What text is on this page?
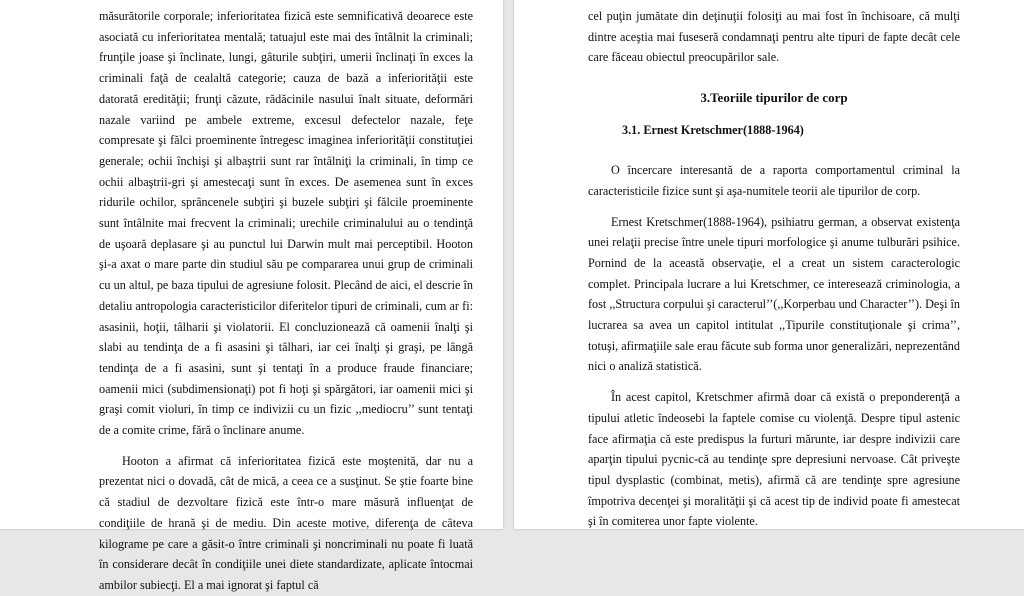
măsurătorile corporale; inferioritatea fizică este semnificativă deoarece este asociată cu inferioritatea mentală; tatuajul este mai des întâlnit la criminali; frunţile joase şi înclinate, lungi, gâturile subţiri, umerii înclinaţi în exces la criminali faţă de cealaltă categorie; cauza de bază a inferiorităţii este datorată eredităţii; frunţi căzute, rădăcinile nasului înalt situate, deformări nazale variind pe ambele extreme, excesul defectelor nazale, feţe compresate şi fălci proeminente întregesc imaginea inferiorităţii constituţiei generale; ochii închişi şi albaştrii sunt rar întâlniţi la criminali, în timp ce ochii albaştrii-gri şi amestecaţi sunt în exces. De asemenea sunt în exces ridurile ochilor, sprâncenele subţiri şi buzele subţiri şi fălcile proeminente sunt întâlnite mai frecvent la criminali; urechile criminalului au o tendinţă de uşoară deplasare şi au punctul lui Darwin mult mai perceptibil. Hooton şi-a axat o mare parte din studiul său pe compararea unui grup de criminali cu un altul, pe baza tipului de agresiune folosit. Plecând de aici, el descrie în detaliu antropologia caracteristicilor diferitelor tipuri de criminali, cum ar fi: asasinii, hoţii, tâlharii şi violatorii. El concluzionează că oamenii înalţi şi slabi au tendinţa de a fi asasini şi tâlhari, iar cei înalţi şi graşi, pe lângă tendinţa de a fi asasini, sunt şi tentaţi în a produce fraude financiare; oamenii mici (subdimensionaţi) pot fi hoţi şi spărgători, iar oamenii mici şi graşi comit violuri, în timp ce indivizii cu un fizic ,,mediocru’’ sunt tentaţi de a comite crime, fără o înclinare anume.

Hooton a afirmat că inferioritatea fizică este moştenită, dar nu a prezentat nici o dovadă, cât de mică, a ceea ce a susţinut. Se ştie foarte bine că stadiul de dezvoltare fizică este într-o mare măsură influenţat de condiţiile de hrană şi de mediu. Din aceste motive, diferenţa de câteva kilograme pe care a găsit-o între criminali şi noncriminali nu poate fi luată în considerare decât în condiţiile unei diete standardizate, aplicate întocmai ambilor subiecţi. El a mai ignorat şi faptul că

cel puţin jumătate din deţinuţii folosiţi au mai fost în închisoare, că mulţi dintre aceştia mai fuseseră condamnaţi pentru alte tipuri de fapte decât cele care făceau obiectul preocupărilor sale.

3.Teoriile tipurilor de corp
3.1. Ernest Kretschmer(1888-1964)

O încercare interesantă de a raporta comportamentul criminal la caracteristicile fizice sunt şi aşa-numitele teorii ale tipurilor de corp.

Ernest Kretschmer(1888-1964), psihiatru german, a observat existenţa unei relaţii precise între unele tipuri morfologice şi anume tulburări psihice. Pornind de la această observaţie, el a creat un sistem caracterologic complet. Principala lucrare a lui Kretschmer, ce interesează criminologia, a fost ,,Structura corpului şi caracterul’’(,,Korperbau und Character’’). Deşi în lucrarea sa avea un capitol intitulat ,,Tipurile constituţionale şi crima’’, totuşi, afirmaţiile sale erau făcute sub forma unor generalizări, neprezentând nici o analiză statistică.

În acest capitol, Kretschmer afirmă doar că există o preponderenţă a tipului atletic îndeosebi la faptele comise cu violenţă. Despre tipul astenic face afirmaţia că este predispus la furturi mărunte, iar despre indivizii care aparţin tipului pycnic-că au tendinţe spre depresiuni nervoase. Cât priveşte tipul dysplastic (combinat, metis), afirmă că are tendinţe spre agresiune împotriva decenţei şi moralităţii şi că acest tip de individ poate fi amestecat şi în comiterea unor fapte violente.
